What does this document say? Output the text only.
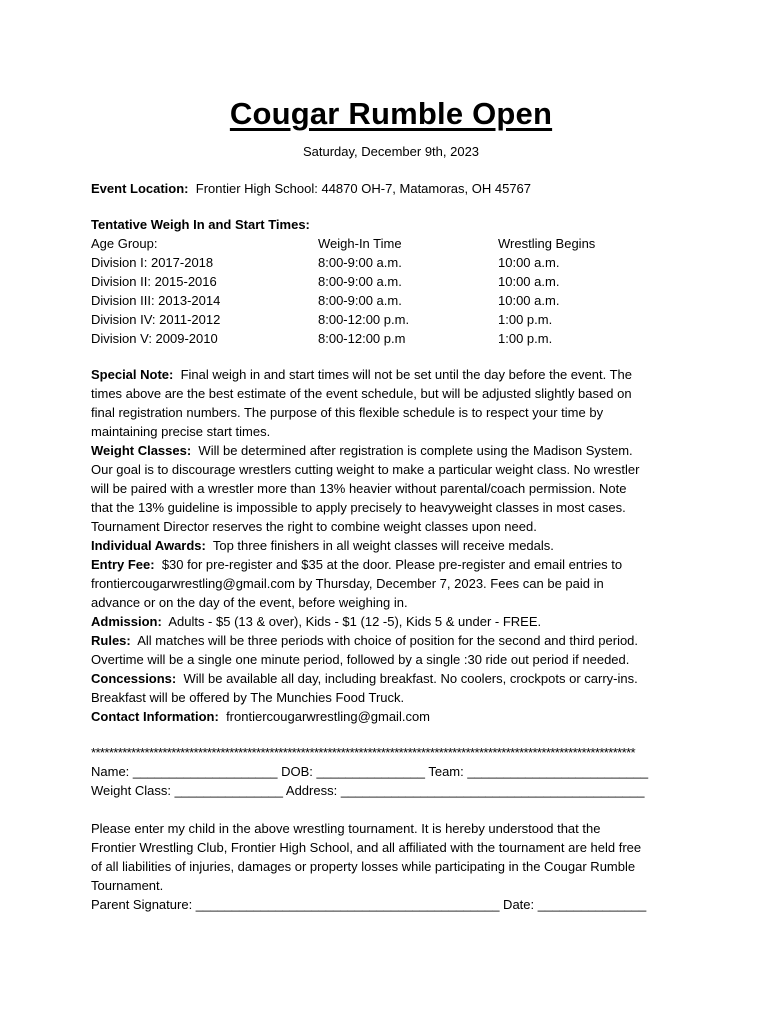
Cougar Rumble Open
Saturday, December 9th, 2023
Event Location: Frontier High School: 44870 OH-7, Matamoras, OH 45767
Tentative Weigh In and Start Times:
Age Group:	Weigh-In Time	Wrestling Begins
Division I: 2017-2018	8:00-9:00 a.m.	10:00 a.m.
Division II: 2015-2016	8:00-9:00 a.m.	10:00 a.m.
Division III: 2013-2014	8:00-9:00 a.m.	10:00 a.m.
Division IV: 2011-2012	8:00-12:00 p.m.	1:00 p.m.
Division V: 2009-2010	8:00-12:00 p.m	1:00 p.m.
Special Note: Final weigh in and start times will not be set until the day before the event. The
times above are the best estimate of the event schedule, but will be adjusted slightly based on
final registration numbers. The purpose of this flexible schedule is to respect your time by
maintaining precise start times.
Weight Classes: Will be determined after registration is complete using the Madison System.
Our goal is to discourage wrestlers cutting weight to make a particular weight class. No wrestler
will be paired with a wrestler more than 13% heavier without parental/coach permission. Note
that the 13% guideline is impossible to apply precisely to heavyweight classes in most cases.
Tournament Director reserves the right to combine weight classes upon need.
Individual Awards: Top three finishers in all weight classes will receive medals.
Entry Fee: $30 for pre-register and $35 at the door. Please pre-register and email entries to
frontiercougarwrestling@gmail.com by Thursday, December 7, 2023. Fees can be paid in
advance or on the day of the event, before weighing in.
Admission: Adults - $5 (13 & over), Kids - $1 (12 -5), Kids 5 & under - FREE.
Rules: All matches will be three periods with choice of position for the second and third period.
Overtime will be a single one minute period, followed by a single :30 ride out period if needed.
Concessions: Will be available all day, including breakfast. No coolers, crockpots or carry-ins.
Breakfast will be offered by The Munchies Food Truck.
Contact Information: frontiercougarwrestling@gmail.com
**************************************************************************************************************************
Name: ____________________ DOB: _______________ Team: _________________________
Weight Class: _______________ Address: __________________________________________
Please enter my child in the above wrestling tournament. It is hereby understood that the
Frontier Wrestling Club, Frontier High School, and all affiliated with the tournament are held free
of all liabilities of injuries, damages or property losses while participating in the Cougar Rumble
Tournament.
Parent Signature: __________________________________________ Date: _______________
